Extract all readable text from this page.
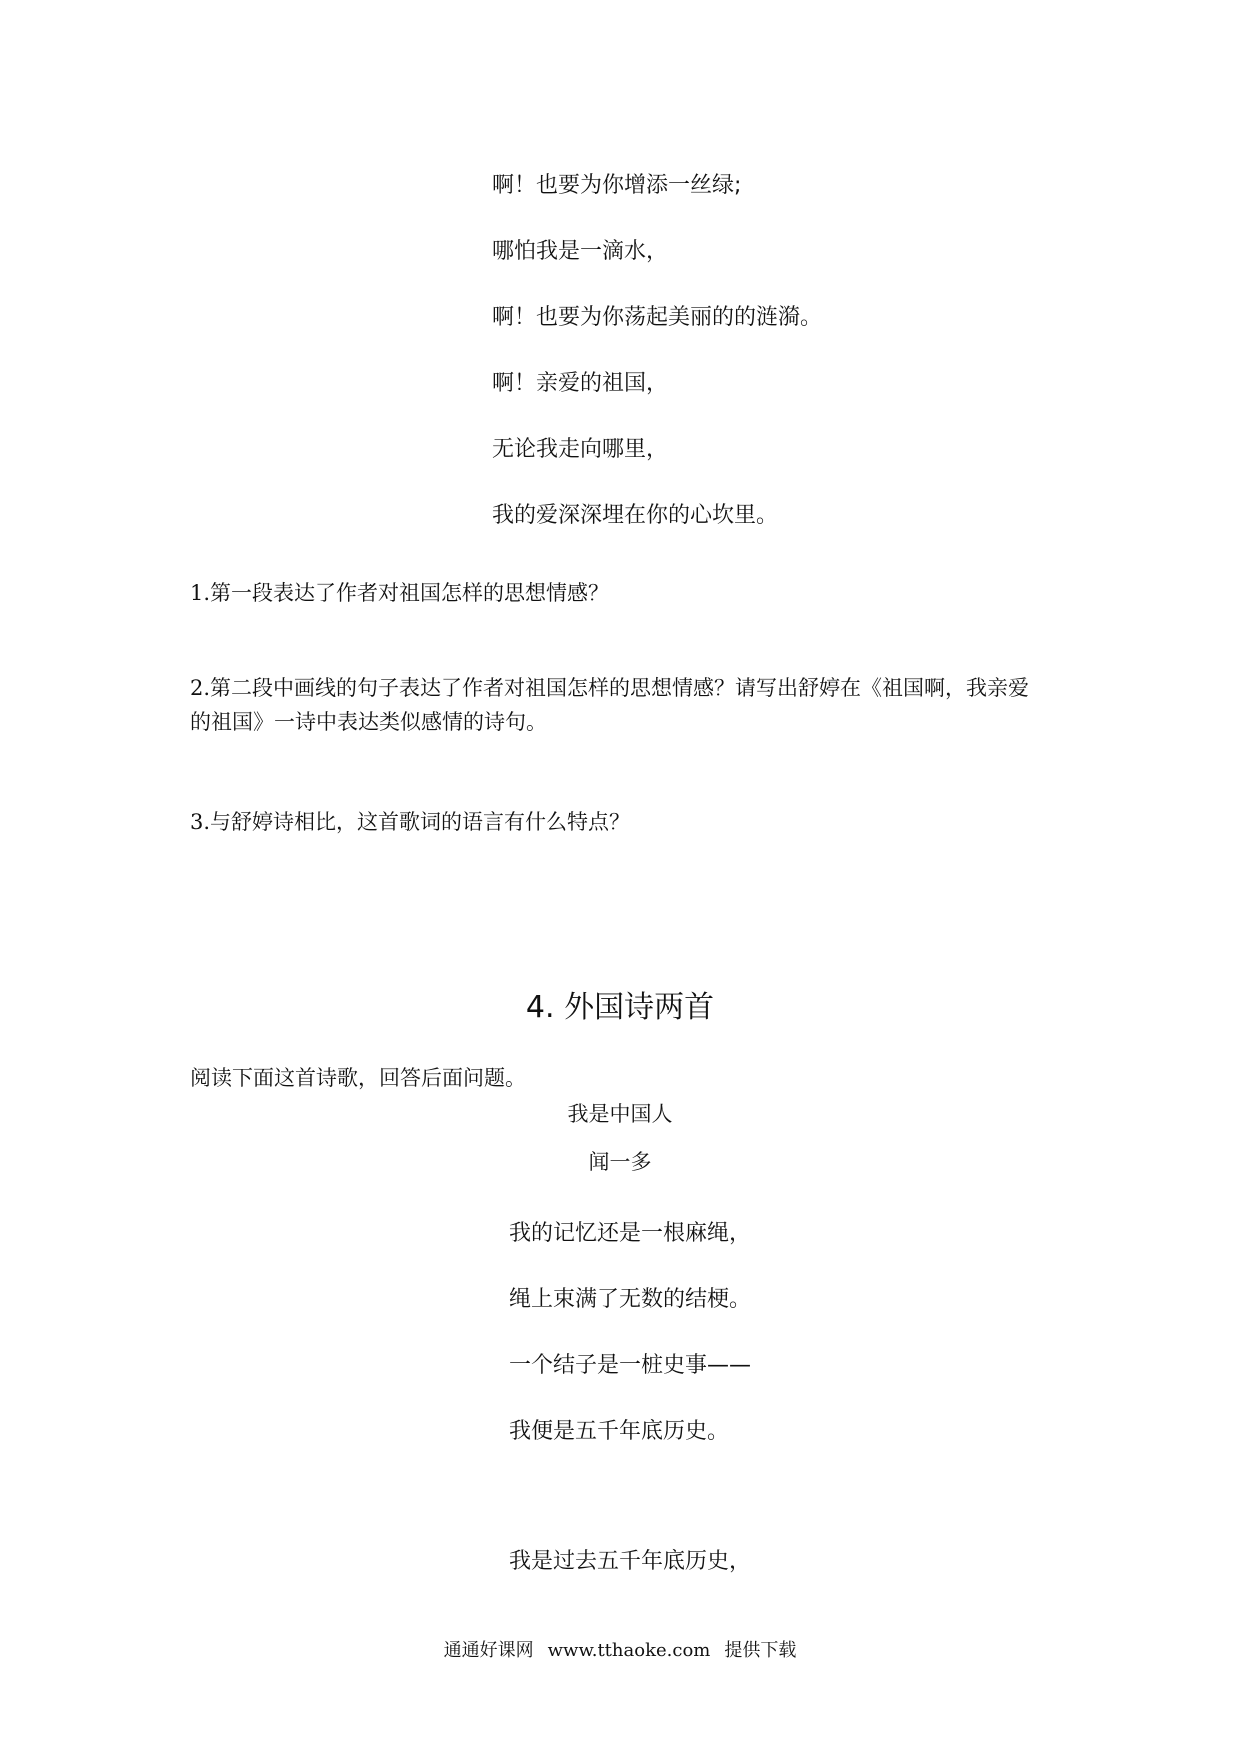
啊！也要为你增添一丝绿;

哪怕我是一滴水，

啊！也要为你荡起美丽的的涟漪。

啊！亲爱的祖国，

无论我走向哪里，

我的爱深深埋在你的心坎里。

1.第一段表达了作者对祖国怎样的思想情感？

2.第二段中画线的句子表达了作者对祖国怎样的思想情感？请写出舒婷在《祖国啊，我亲爱

的祖国》一诗中表达类似感情的诗句。

3.与舒婷诗相比，这首歌词的语言有什么特点？

4. 外国诗两首

阅读下面这首诗歌，回答后面问题。

我是中国人

闻一多

我的记忆还是一根麻绳，

绳上束满了无数的结梗。

一个结子是一桩史事——

我便是五千年底历史。

我是过去五千年底历史，

通通好课网 www.tthaoke.com 提供下载
